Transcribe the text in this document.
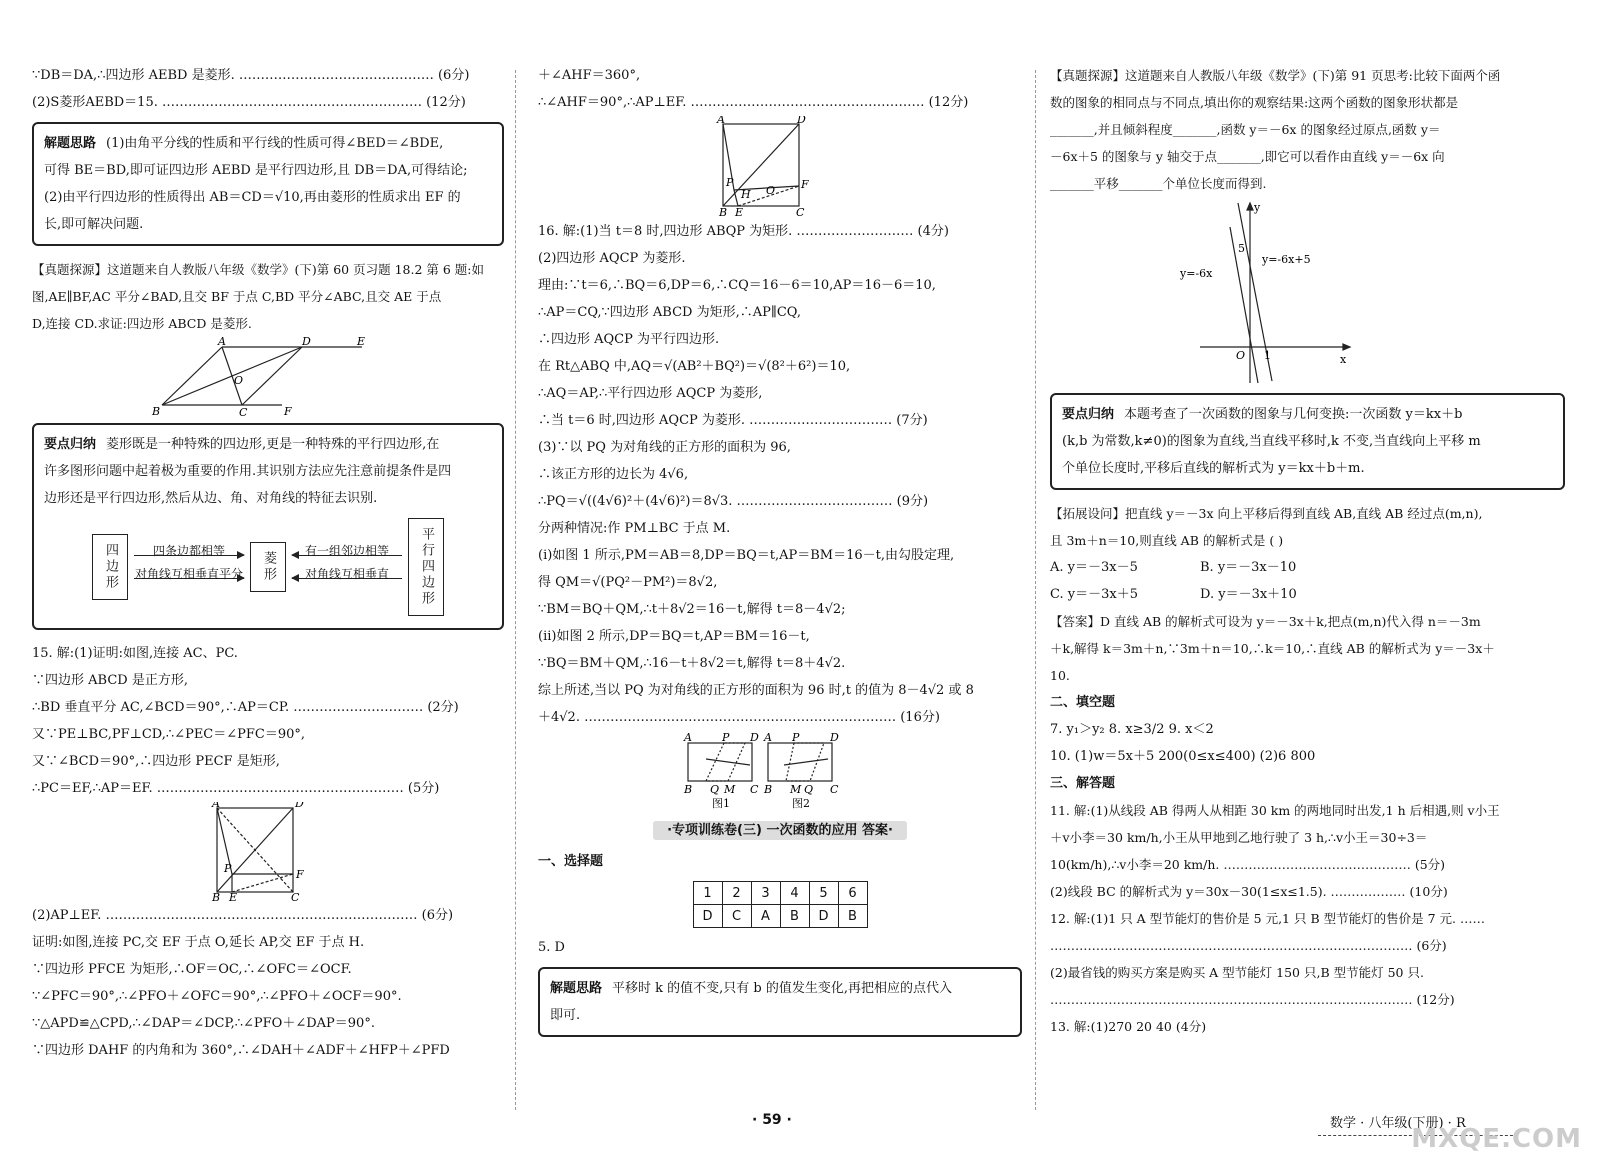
∵DB＝DA,∴四边形 AEBD 是菱形. ……………………………………… (6分)
(2)S菱形AEBD＝15. …………………………………………………… (12分)
解题思路 (1)由角平分线的性质和平行线的性质可得∠BED＝∠BDE,
可得 BE＝BD,即可证四边形 AEBD 是平行四边形,且 DB＝DA,可得结论;
(2)由平行四边形的性质得出 AB＝CD＝√10,再由菱形的性质求出 EF 的
长,即可解决问题.
【真题探源】这道题来自人教版八年级《数学》(下)第 60 页习题 18.2 第 6 题:如
图,AE∥BF,AC 平分∠BAD,且交 BF 于点 C,BD 平分∠ABC,且交 AE 于点
D,连接 CD.求证:四边形 ABCD 是菱形.
A	D	E
B	C	F
O
要点归纳 菱形既是一种特殊的四边形,更是一种特殊的平行四边形,在
许多图形问题中起着极为重要的作用.其识别方法应先注意前提条件是四
边形还是平行四边形,然后从边、角、对角线的特征去识别.
四边形	四条边都相等
对角线互相垂直平分	菱形	有一组邻边相等
对角线互相垂直	平行四边形
15. 解:(1)证明:如图,连接 AC、PC.
∵四边形 ABCD 是正方形,
∴BD 垂直平分 AC,∠BCD＝90°,∴AP＝CP. ………………………… (2分)
又∵PE⊥BC,PF⊥CD,∴∠PEC＝∠PFC＝90°,
又∵∠BCD＝90°,∴四边形 PECF 是矩形,
∴PC＝EF,∴AP＝EF. ………………………………………………… (5分)
A	D
P	F
B E	C
(2)AP⊥EF. ……………………………………………………………… (6分)
证明:如图,连接 PC,交 EF 于点 O,延长 AP,交 EF 于点 H.
∵四边形 PFCE 为矩形,∴OF＝OC,∴∠OFC＝∠OCF.
∵∠PFC＝90°,∴∠PFO＋∠OFC＝90°,∴∠PFO＋∠OCF＝90°.
∵△APD≌△CPD,∴∠DAP＝∠DCP,∴∠PFO＋∠DAP＝90°.
∵四边形 DAHF 的内角和为 360°,∴∠DAH＋∠ADF＋∠HFP＋∠PFD
＋∠AHF＝360°,
∴∠AHF＝90°,∴AP⊥EF. ……………………………………………… (12分)
A	D
P	F
H O
B E	C
16. 解:(1)当 t＝8 时,四边形 ABQP 为矩形. ……………………… (4分)
(2)四边形 AQCP 为菱形.
理由:∵t＝6,∴BQ＝6,DP＝6,∴CQ＝16－6＝10,AP＝16－6＝10,
∴AP＝CQ,∵四边形 ABCD 为矩形,∴AP∥CQ,
∴四边形 AQCP 为平行四边形.
在 Rt△ABQ 中,AQ＝√(AB²＋BQ²)＝√(8²＋6²)＝10,
∴AQ＝AP,∴平行四边形 AQCP 为菱形,
∴当 t＝6 时,四边形 AQCP 为菱形. …………………………… (7分)
(3)∵以 PQ 为对角线的正方形的面积为 96,
∴该正方形的边长为 4√6,
∴PQ＝√((4√6)²＋(4√6)²)＝8√3. ……………………………… (9分)
分两种情况:作 PM⊥BC 于点 M.
(i)如图 1 所示,PM＝AB＝8,DP＝BQ＝t,AP＝BM＝16－t,由勾股定理,
得 QM＝√(PQ²－PM²)＝8√2,
∵BM＝BQ＋QM,∴t＋8√2＝16－t,解得 t＝8－4√2;
(ii)如图 2 所示,DP＝BQ＝t,AP＝BM＝16－t,
∵BQ＝BM＋QM,∴16－t＋8√2＝t,解得 t＝8＋4√2.
综上所述,当以 PQ 为对角线的正方形的面积为 96 时,t 的值为 8－4√2 或 8
＋4√2. ……………………………………………………………… (16分)
A	P D
B Q M C
A P	D
B M Q C
图1	图2
·专项训练卷(三) 一次函数的应用 答案·
一、选择题
1	2	3	4	5	6
D	C	A	B	D	B
5. D
解题思路 平移时 k 的值不变,只有 b 的值发生变化,再把相应的点代入
即可.
【真题探源】这道题来自人教版八年级《数学》(下)第 91 页思考:比较下面两个函
数的图象的相同点与不同点,填出你的观察结果:这两个函数的图象形状都是
_______,并且倾斜程度_______,函数 y＝－6x 的图象经过原点,函数 y＝
－6x＋5 的图象与 y 轴交于点_______,即它可以看作由直线 y＝－6x 向
_______平移_______个单位长度而得到.
y
x
O
5
1
y=-6x
y=-6x+5
要点归纳 本题考查了一次函数的图象与几何变换:一次函数 y＝kx＋b
(k,b 为常数,k≠0)的图象为直线,当直线平移时,k 不变,当直线向上平移 m
个单位长度时,平移后直线的解析式为 y＝kx＋b＋m.
【拓展设问】把直线 y＝－3x 向上平移后得到直线 AB,直线 AB 经过点(m,n),
且 3m＋n＝10,则直线 AB 的解析式是 ( )
A. y＝－3x－5	B. y＝－3x－10
C. y＝－3x＋5	D. y＝－3x＋10
【答案】D 直线 AB 的解析式可设为 y＝－3x＋k,把点(m,n)代入得 n＝－3m
＋k,解得 k＝3m＋n,∵3m＋n＝10,∴k＝10,∴直线 AB 的解析式为 y＝－3x＋
10.
二、填空题
7. y₁＞y₂ 8. x≥3/2 9. x＜2
10. (1)w＝5x＋5 200(0≤x≤400) (2)6 800
三、解答题
11. 解:(1)从线段 AB 得两人从相距 30 km 的两地同时出发,1 h 后相遇,则 v小王
＋v小李＝30 km/h,小王从甲地到乙地行驶了 3 h,∴v小王＝30÷3＝
10(km/h),∴v小李＝20 km/h. ……………………………………… (5分)
(2)线段 BC 的解析式为 y＝30x－30(1≤x≤1.5). ……………… (10分)
12. 解:(1)1 只 A 型节能灯的售价是 5 元,1 只 B 型节能灯的售价是 7 元. ……
…………………………………………………………………………… (6分)
(2)最省钱的购买方案是购买 A 型节能灯 150 只,B 型节能灯 50 只.
…………………………………………………………………………… (12分)
13. 解:(1)270 20 40 (4分)
· 59 ·	数学 · 八年级(下册) · R
MXQE.COM
